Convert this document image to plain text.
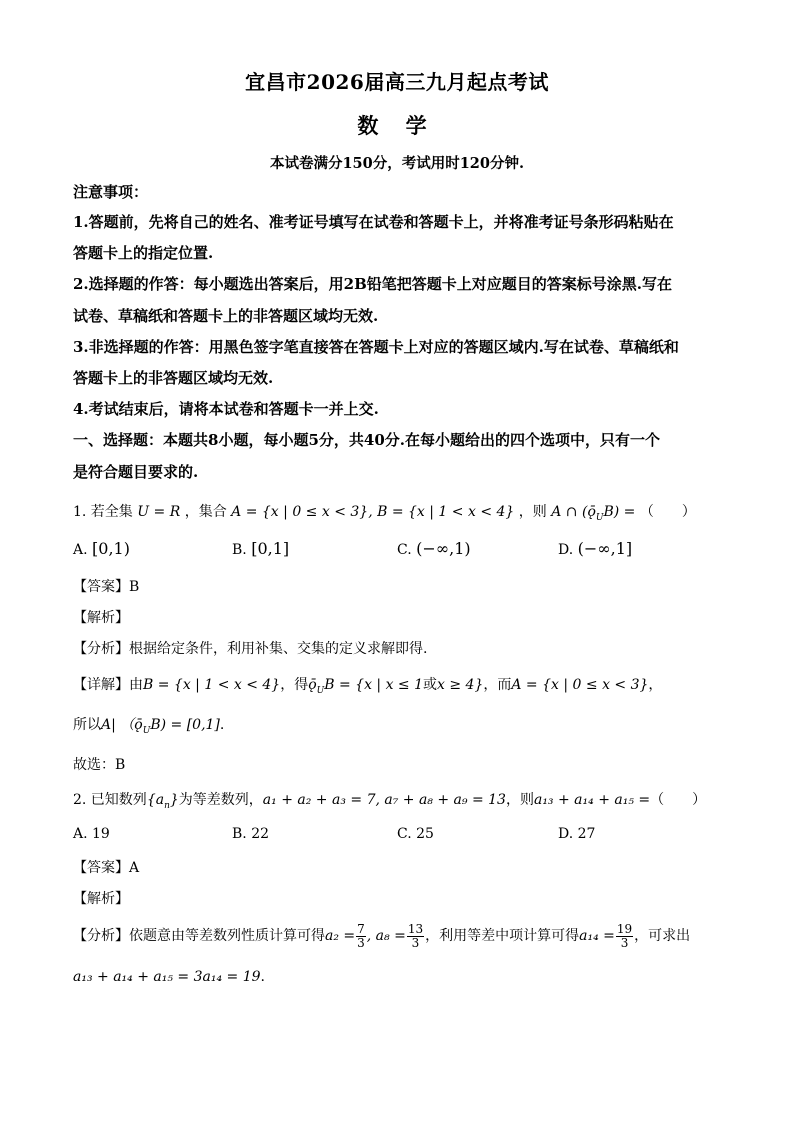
宜昌市2026届高三九月起点考试
数 学
本试卷满分150分，考试用时120分钟.
注意事项：
1.答题前，先将自己的姓名、准考证号填写在试卷和答题卡上，并将准考证号条形码粘贴在
答题卡上的指定位置.
2.选择题的作答：每小题选出答案后，用2B铅笔把答题卡上对应题目的答案标号涂黑.写在
试卷、草稿纸和答题卡上的非答题区域均无效.
3.非选择题的作答：用黑色签字笔直接答在答题卡上对应的答题区域内.写在试卷、草稿纸和
答题卡上的非答题区域均无效.
4.考试结束后，请将本试卷和答题卡一并上交.
一、选择题：本题共8小题，每小题5分，共40分.在每小题给出的四个选项中，只有一个
是符合题目要求的.
1. 若全集 U = R ，集合 A = {x | 0 ≤ x < 3}, B = {x | 1 < x < 4} ，则 A ∩ $(ǭ_UB)$ = （　　）
A. [0,1)	B. [0,1]	C. (−∞,1)	D. (−∞,1]
【答案】B
【解析】
【分析】根据给定条件，利用补集、交集的定义求解即得.
【详解】由B = {x | 1 < x < 4}，得$ǭ_UB = \{x$ | x ≤ 1或x ≥ 4}，而A = {x | 0 ≤ x < 3}，
所以A| $(ǭ_UB) = [0,1]$.
故选：B
2. 已知数列$\{a_n\}$为等差数列，a₁ + a₂ + a₃ = 7, a₇ + a₈ + a₉ = 13，则a₁₃ + a₁₄ + a₁₅ =（　　）
A. 19	B. 22	C. 25	D. 27
【答案】A
【解析】
【分析】依题意由等差数列性质计算可得$a_2 = \frac{7}{3}$ , $a_8 = \frac{13}{3}$ ，利用等差中项计算可得$a_{14} = \frac{19}{3}$ ，可求出
a₁₃ + a₁₄ + a₁₅ = 3a₁₄ = 19.
